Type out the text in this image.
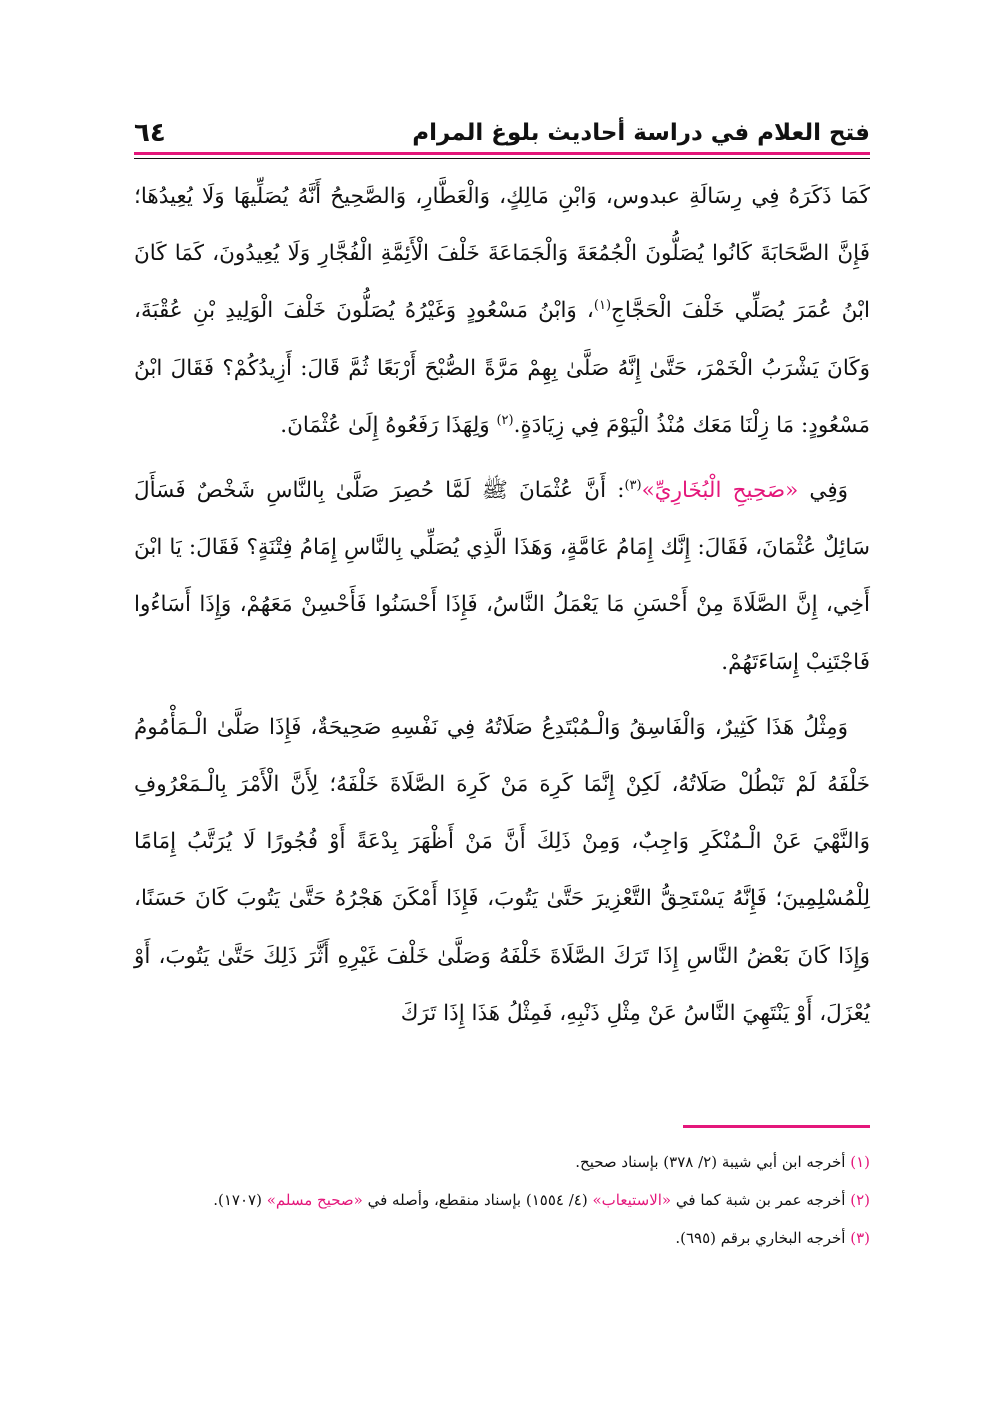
فتح العلام في دراسة أحاديث بلوغ المرام
٦٤

كَمَا ذَكَرَهُ فِي رِسَالَةِ عبدوس، وَابْنِ مَالِكٍ، وَالْعَطَّارِ، وَالصَّحِيحُ أَنَّهُ يُصَلِّيهَا وَلَا يُعِيدُهَا؛ فَإِنَّ الصَّحَابَةَ كَانُوا يُصَلُّونَ الْجُمُعَةَ وَالْجَمَاعَةَ خَلْفَ الْأَئِمَّةِ الْفُجَّارِ وَلَا يُعِيدُونَ، كَمَا كَانَ ابْنُ عُمَرَ يُصَلِّي خَلْفَ الْحَجَّاجِ$^{(١)}$، وَابْنُ مَسْعُودٍ وَغَيْرُهُ يُصَلُّونَ خَلْفَ الْوَلِيدِ بْنِ عُقْبَةَ، وَكَانَ يَشْرَبُ الْخَمْرَ، حَتَّىٰ إِنَّهُ صَلَّىٰ بِهِمْ مَرَّةً الصُّبْحَ أَرْبَعًا ثُمَّ قَالَ: أَزِيدُكُمْ؟ فَقَالَ ابْنُ مَسْعُودٍ: مَا زِلْنَا مَعَك مُنْذُ الْيَوْمَ فِي زِيَادَةٍ.$^{(٢)}$ وَلِهَذَا رَفَعُوهُ إِلَىٰ عُثْمَانَ.

وَفِي «صَحِيحِ الْبُخَارِيِّ»$^{(٣)}$: أَنَّ عُثْمَانَ ﷺ لَمَّا حُصِرَ صَلَّىٰ بِالنَّاسِ شَخْصٌ فَسَأَلَ سَائِلٌ عُثْمَانَ، فَقَالَ: إِنَّك إِمَامُ عَامَّةٍ، وَهَذَا الَّذِي يُصَلِّي بِالنَّاسِ إِمَامُ فِتْنَةٍ؟ فَقَالَ: يَا ابْنَ أَخِي، إِنَّ الصَّلَاةَ مِنْ أَحْسَنِ مَا يَعْمَلُ النَّاسُ، فَإِذَا أَحْسَنُوا فَأَحْسِنْ مَعَهُمْ، وَإِذَا أَسَاءُوا فَاجْتَنِبْ إِسَاءَتَهُمْ.

وَمِثْلُ هَذَا كَثِيرٌ، وَالْفَاسِقُ وَالْـمُبْتَدِعُ صَلَاتُهُ فِي نَفْسِهِ صَحِيحَةٌ، فَإِذَا صَلَّىٰ الْـمَأْمُومُ خَلْفَهُ لَمْ تَبْطُلْ صَلَاتُهُ، لَكِنْ إِنَّمَا كَرِهَ مَنْ كَرِهَ الصَّلَاةَ خَلْفَهُ؛ لِأَنَّ الْأَمْرَ بِالْـمَعْرُوفِ وَالنَّهْيَ عَنْ الْـمُنْكَرِ وَاجِبٌ، وَمِنْ ذَلِكَ أَنَّ مَنْ أَظْهَرَ بِدْعَةً أَوْ فُجُورًا لَا يُرَتَّبُ إِمَامًا لِلْمُسْلِمِينَ؛ فَإِنَّهُ يَسْتَحِقُّ التَّعْزِيرَ حَتَّىٰ يَتُوبَ، فَإِذَا أَمْكَنَ هَجْرُهُ حَتَّىٰ يَتُوبَ كَانَ حَسَنًا، وَإِذَا كَانَ بَعْضُ النَّاسِ إِذَا تَرَكَ الصَّلَاةَ خَلْفَهُ وَصَلَّىٰ خَلْفَ غَيْرِهِ أَثَّرَ ذَلِكَ حَتَّىٰ يَتُوبَ، أَوْ يُعْزَلَ، أَوْ يَنْتَهِيَ النَّاسُ عَنْ مِثْلِ ذَنْبِهِ، فَمِثْلُ هَذَا إِذَا تَرَكَ

(١) أخرجه ابن أبي شيبة (٢/ ٣٧٨) بإسناد صحيح.

(٢) أخرجه عمر بن شبة كما في «الاستيعاب» (٤/ ١٥٥٤) بإسناد منقطع، وأصله في «صحيح مسلم» (١٧٠٧).

(٣) أخرجه البخاري برقم (٦٩٥).
